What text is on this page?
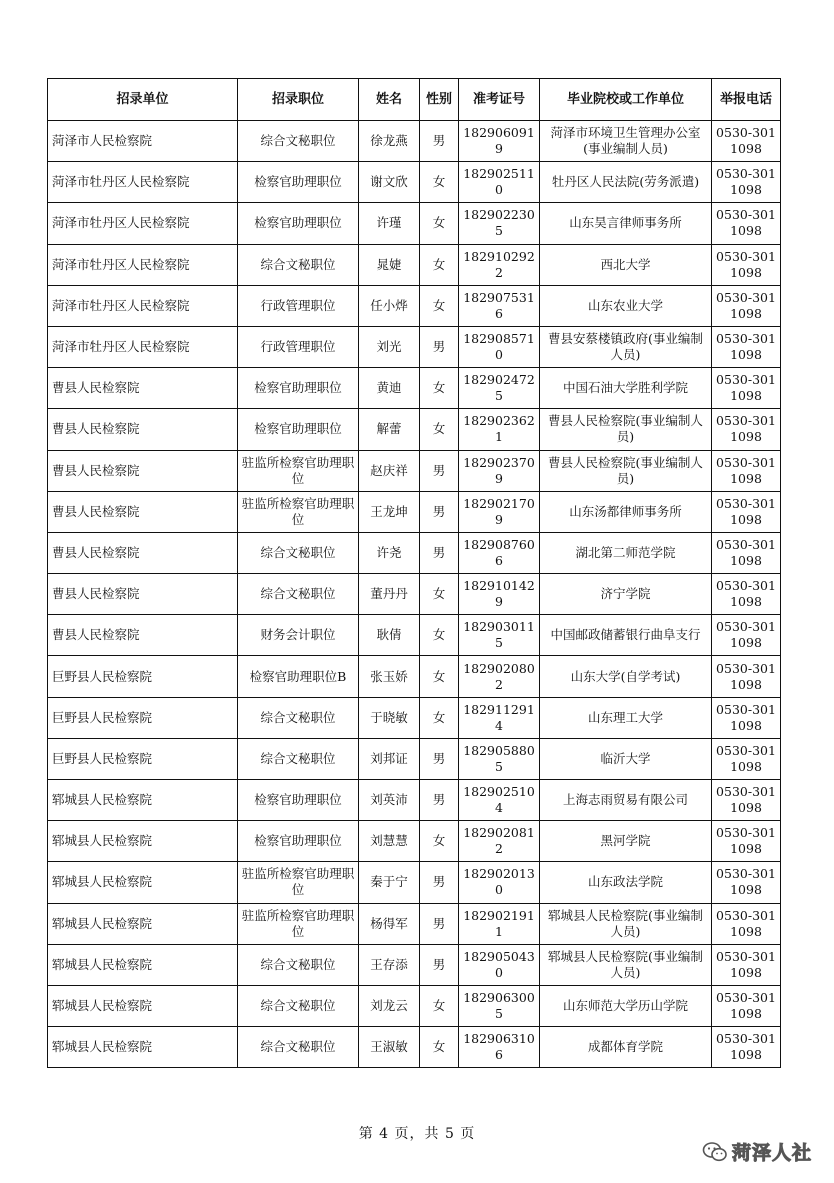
招录单位	招录职位	姓名	性别	准考证号	毕业院校或工作单位	举报电话
菏泽市人民检察院	综合文秘职位	徐龙燕	男	1829060919	菏泽市环境卫生管理办公室(事业编制人员)	0530-3011098
菏泽市牡丹区人民检察院	检察官助理职位	谢文欣	女	1829025110	牡丹区人民法院(劳务派遣)	0530-3011098
菏泽市牡丹区人民检察院	检察官助理职位	许瑾	女	1829022305	山东昊言律师事务所	0530-3011098
菏泽市牡丹区人民检察院	综合文秘职位	晁婕	女	1829102922	西北大学	0530-3011098
菏泽市牡丹区人民检察院	行政管理职位	任小烨	女	1829075316	山东农业大学	0530-3011098
菏泽市牡丹区人民检察院	行政管理职位	刘光	男	1829085710	曹县安蔡楼镇政府(事业编制人员)	0530-3011098
曹县人民检察院	检察官助理职位	黄迪	女	1829024725	中国石油大学胜利学院	0530-3011098
曹县人民检察院	检察官助理职位	解蕾	女	1829023621	曹县人民检察院(事业编制人员)	0530-3011098
曹县人民检察院	驻监所检察官助理职位	赵庆祥	男	1829023709	曹县人民检察院(事业编制人员)	0530-3011098
曹县人民检察院	驻监所检察官助理职位	王龙坤	男	1829021709	山东汤都律师事务所	0530-3011098
曹县人民检察院	综合文秘职位	许尧	男	1829087606	湖北第二师范学院	0530-3011098
曹县人民检察院	综合文秘职位	董丹丹	女	1829101429	济宁学院	0530-3011098
曹县人民检察院	财务会计职位	耿倩	女	1829030115	中国邮政储蓄银行曲阜支行	0530-3011098
巨野县人民检察院	检察官助理职位B	张玉娇	女	1829020802	山东大学(自学考试)	0530-3011098
巨野县人民检察院	综合文秘职位	于晓敏	女	1829112914	山东理工大学	0530-3011098
巨野县人民检察院	综合文秘职位	刘邦证	男	1829058805	临沂大学	0530-3011098
郓城县人民检察院	检察官助理职位	刘英沛	男	1829025104	上海志雨贸易有限公司	0530-3011098
郓城县人民检察院	检察官助理职位	刘慧慧	女	1829020812	黑河学院	0530-3011098
郓城县人民检察院	驻监所检察官助理职位	秦于宁	男	1829020130	山东政法学院	0530-3011098
郓城县人民检察院	驻监所检察官助理职位	杨得军	男	1829021911	郓城县人民检察院(事业编制人员)	0530-3011098
郓城县人民检察院	综合文秘职位	王存添	男	1829050430	郓城县人民检察院(事业编制人员)	0530-3011098
郓城县人民检察院	综合文秘职位	刘龙云	女	1829063005	山东师范大学历山学院	0530-3011098
郓城县人民检察院	综合文秘职位	王淑敏	女	1829063106	成都体育学院	0530-3011098
第 4 页，共 5 页
菏泽人社
